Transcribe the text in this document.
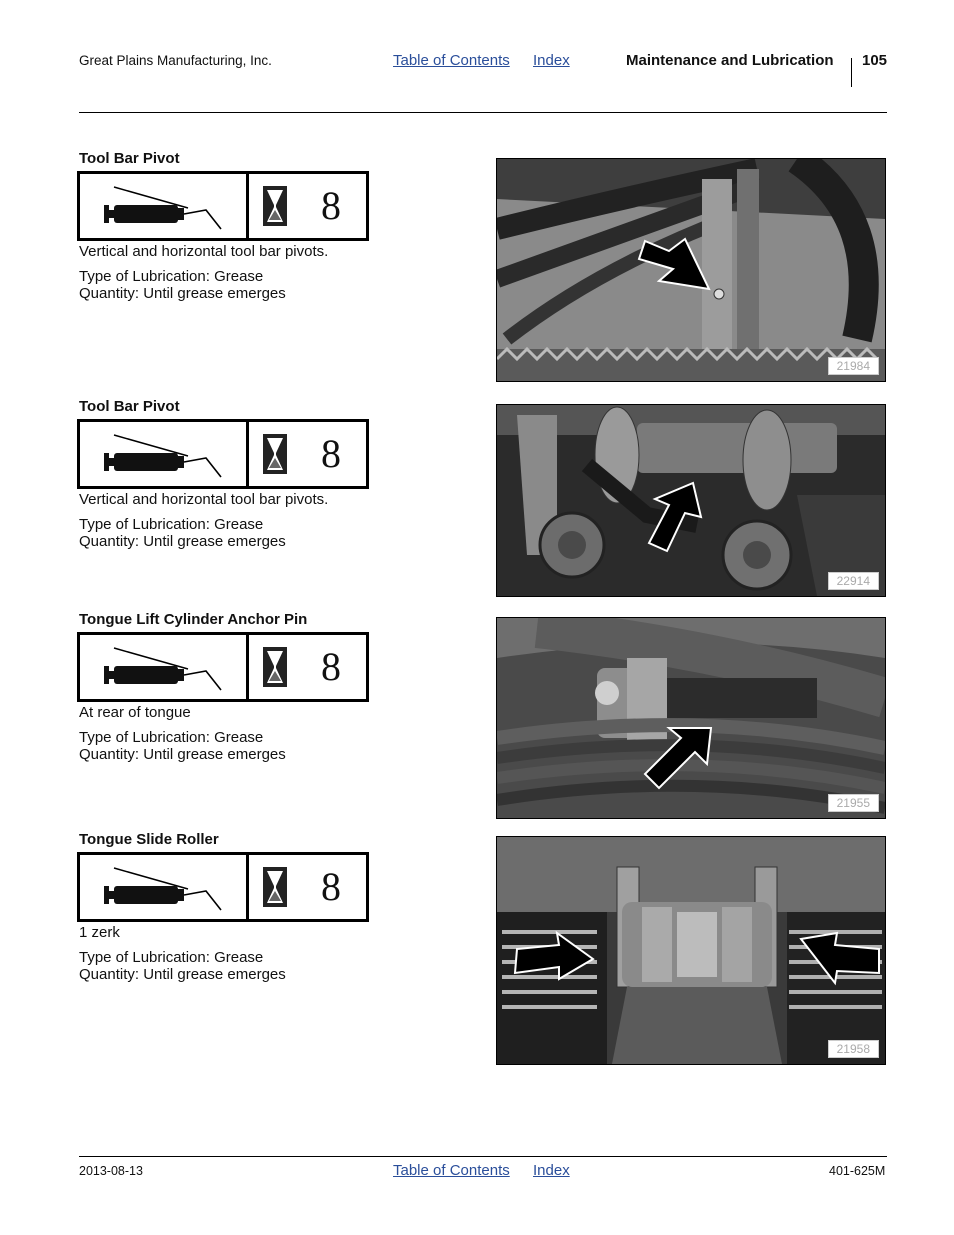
Great Plains Manufacturing, Inc.	Table of Contents Index	Maintenance and Lubrication 105
Tool Bar Pivot
8
Vertical and horizontal tool bar pivots.
Type of Lubrication: Grease
Quantity: Until grease emerges
21984
Tool Bar Pivot
8
Vertical and horizontal tool bar pivots.
Type of Lubrication: Grease
Quantity: Until grease emerges
22914
Tongue Lift Cylinder Anchor Pin
8
At rear of tongue
Type of Lubrication: Grease
Quantity: Until grease emerges
21955
Tongue Slide Roller
8
1 zerk
Type of Lubrication: Grease
Quantity: Until grease emerges
21958
2013-08-13	Table of Contents Index	401-625M
